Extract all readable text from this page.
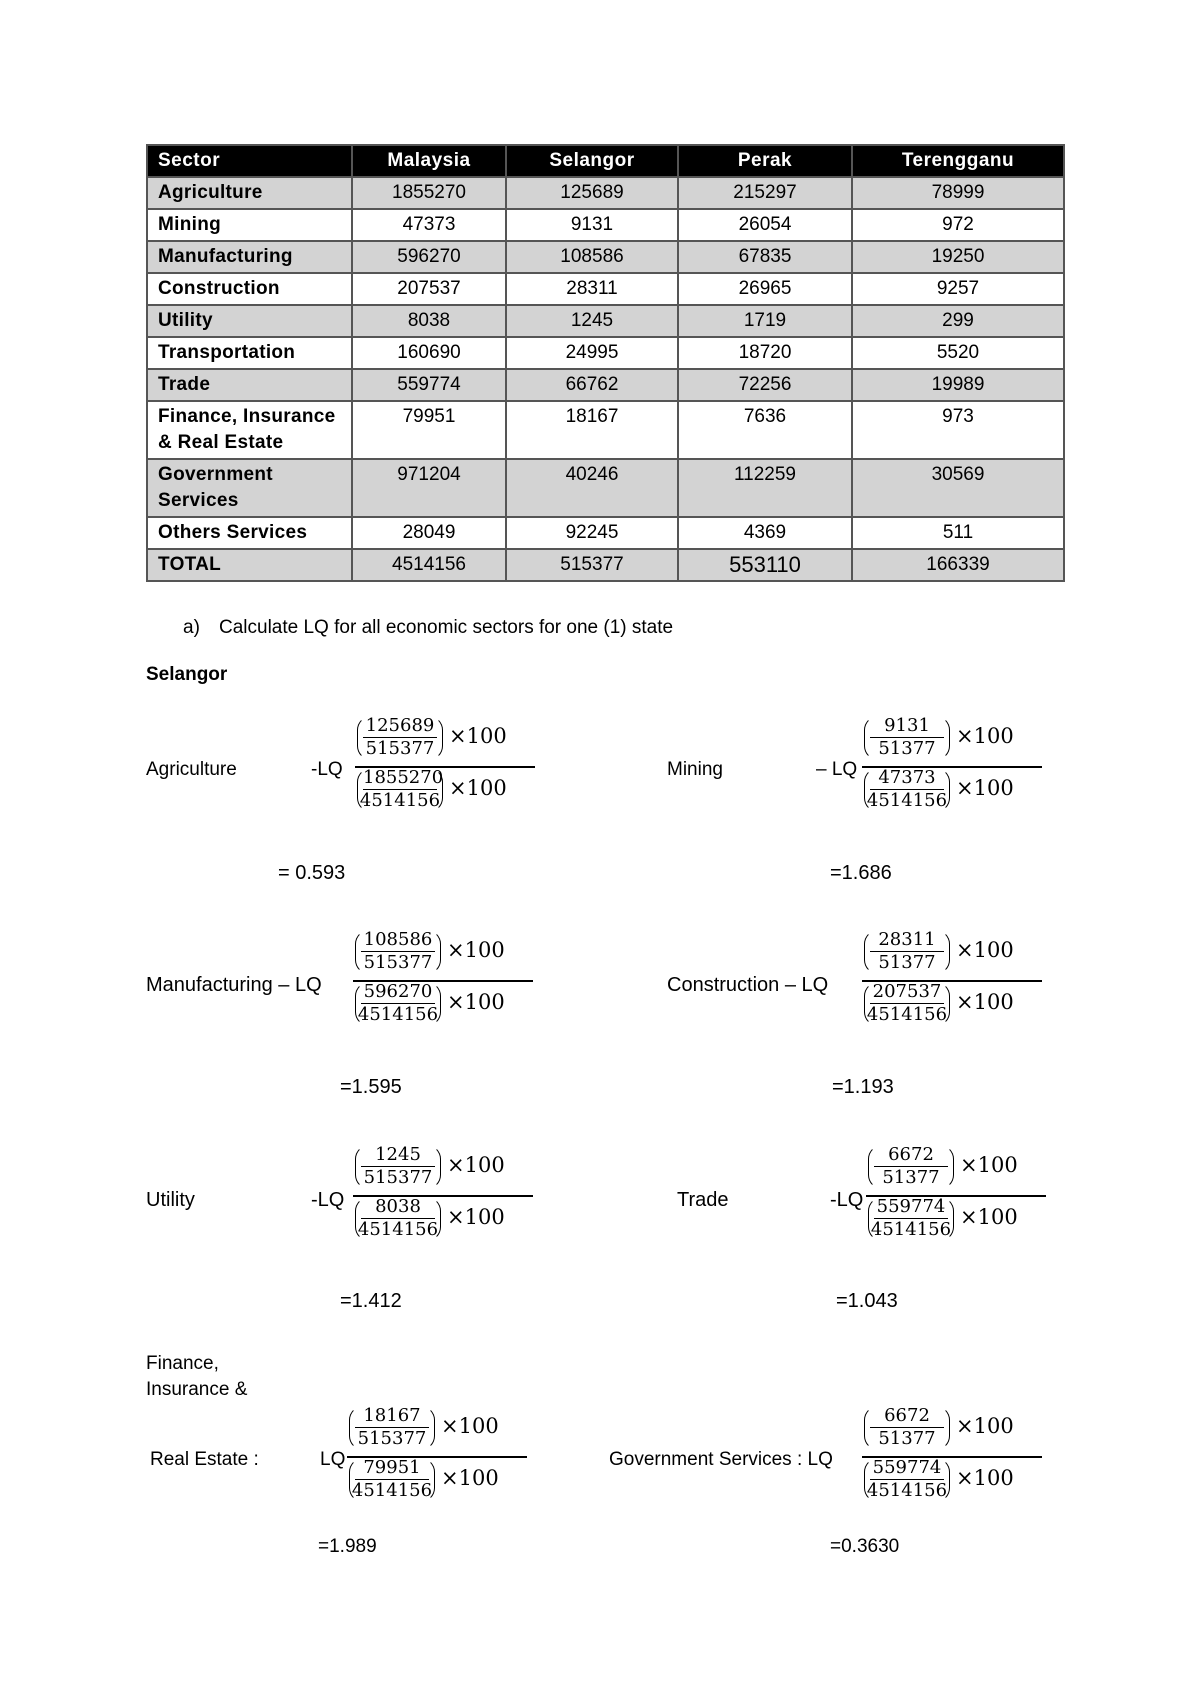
Sector	Malaysia	Selangor	Perak	Terengganu
Agriculture	1855270	125689	215297	78999
Mining	47373	9131	26054	972
Manufacturing	596270	108586	67835	19250
Construction	207537	28311	26965	9257
Utility	8038	1245	1719	299
Transportation	160690	24995	18720	5520
Trade	559774	66762	72256	19989
Finance, Insurance & Real Estate	79951	18167	7636	973
Government Services	971204	40246	112259	30569
Others Services	28049	92245	4369	511
TOTAL	4514156	515377	553110	166339
a) Calculate LQ for all economic sectors for one (1) state
Selangor
Agriculture	-LQ
$\frac{125689}{515377} \times 100$
$\frac{1855270}{4514156} \times 100$
= 0.593
Mining	– LQ
$\frac{9131}{51377} \times 100$
$\frac{47373}{4514156} \times 100$
=1.686
Manufacturing – LQ
$\frac{108586}{515377} \times 100$
$\frac{596270}{4514156} \times 100$
=1.595
Construction – LQ
$\frac{28311}{51377} \times 100$
$\frac{207537}{4514156} \times 100$
=1.193
Utility	-LQ
$\frac{1245}{515377} \times 100$
$\frac{8038}{4514156} \times 100$
=1.412
Trade	-LQ
$\frac{6672}{51377} \times 100$
$\frac{559774}{4514156} \times 100$
=1.043
Finance,
Insurance &
Real Estate :	LQ
$\frac{18167}{515377} \times 100$
$\frac{79951}{4514156} \times 100$
=1.989
Government Services : LQ
$\frac{6672}{51377} \times 100$
$\frac{559774}{4514156} \times 100$
=0.3630
